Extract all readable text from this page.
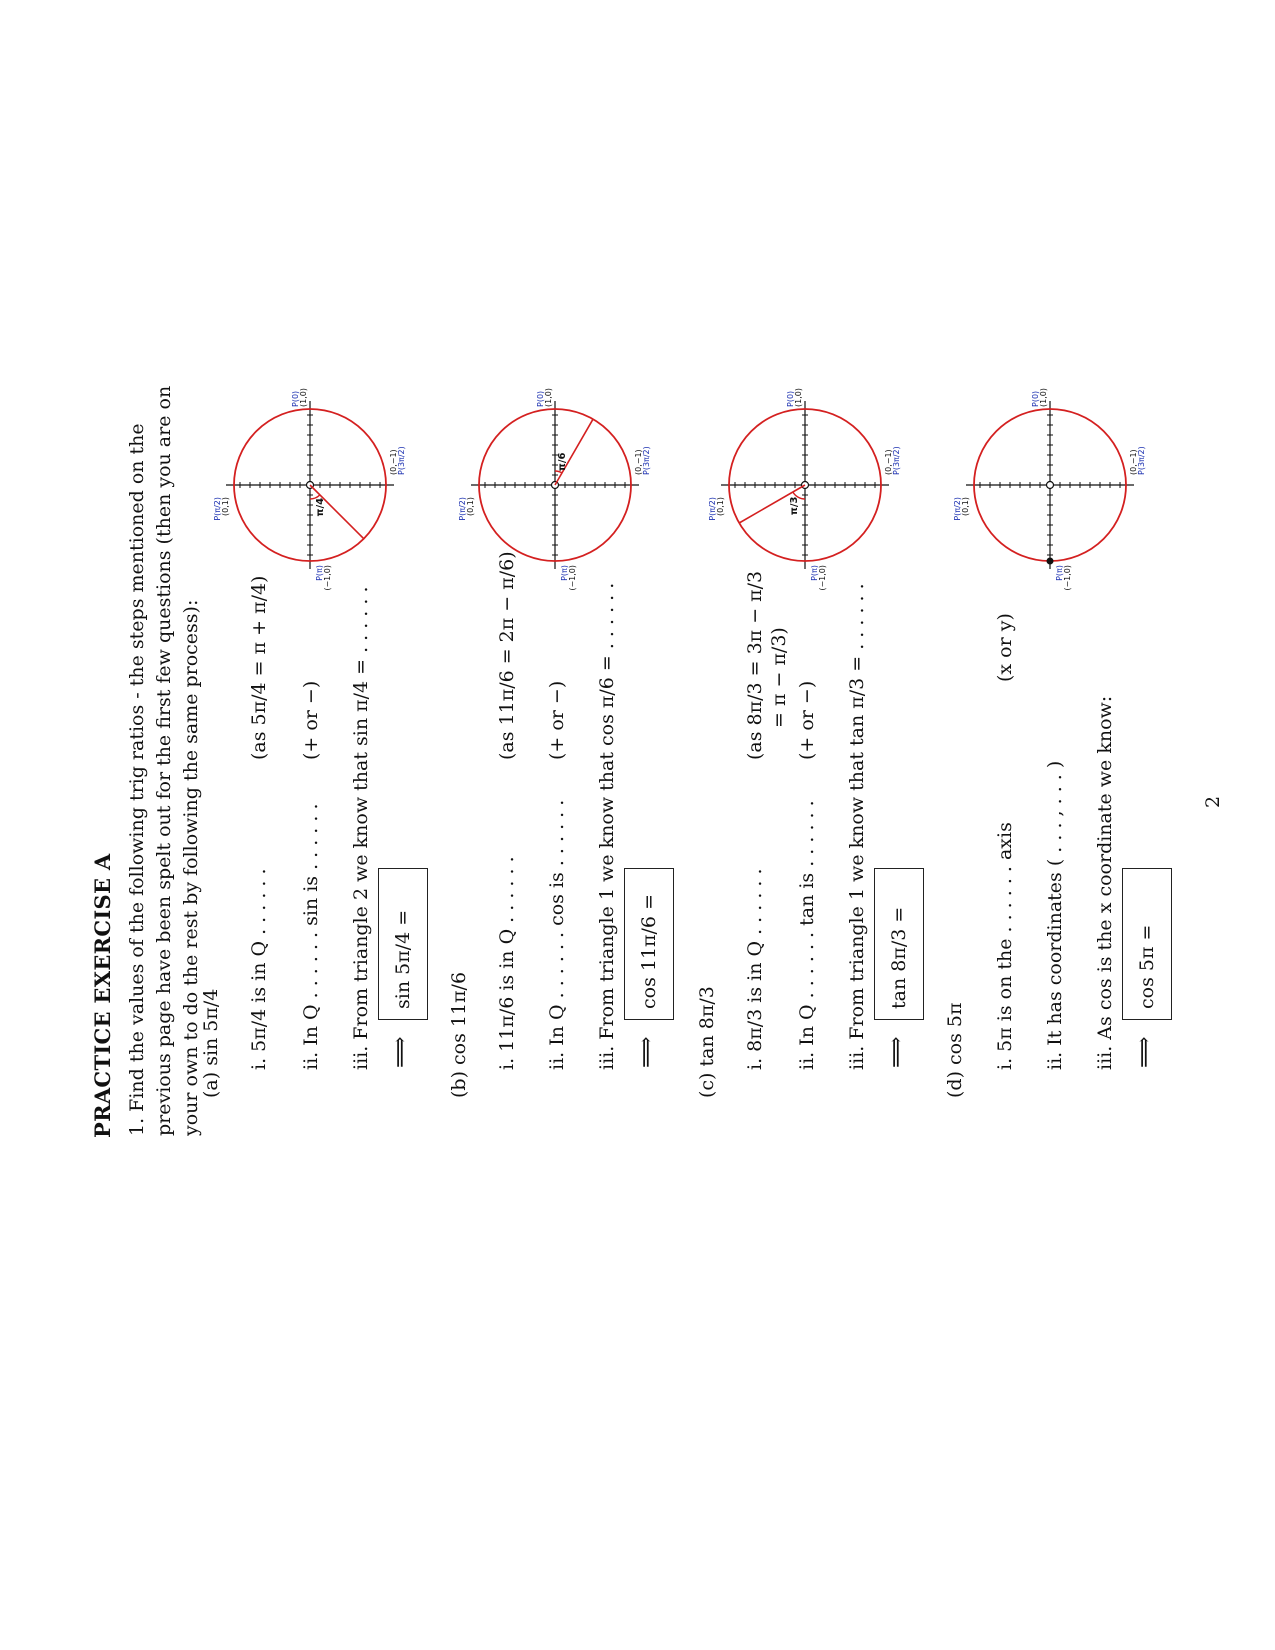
PRACTICE EXERCISE A 1. Find the values of the following trig ratios - the steps mentioned on the previous page have been spelt out for the first few questions (then you are on your own to do the rest by following the same process):
(a) sin 5π/4 i. 5π/4 is in Q . . . . . .
(as 5π/4 = π + π/4)
ii. In Q . . . . . . sin is . . . . . .
(+ or −) iii. From triangle 2 we know that sin π/4 = . . . . . . ⟹
sin 5π/4 =
(b) cos 11π/6 i. 11π/6 is in Q . . . . . .
(as 11π/6 = 2π − π/6)
ii. In Q . . . . . . cos is . . . . . .
(+ or −) iii. From triangle 1 we know that cos π/6 = . . . . . . ⟹
cos 11π/6 =
(c) tan 8π/3 i. 8π/3 is in Q . . . . . .
(as 8π/3 = 3π − π/3 = π − π/3)
ii. In Q . . . . . . tan is . . . . . .
(+ or −) iii. From triangle 1 we know that tan π/3 = . . . . . . ⟹
tan 8π/3 =
(d) cos 5π i. 5π is on the . . . . . . axis
(x or y)
ii. It has coordinates ( . . . , . . . ) iii. As cos is the x coordinate we know: ⟹
cos 5π =
π/4
P(π/2) (0,1)
P(0) (1,0)
P(π) (−1,0)
(0,−1) P(3π/2)	π/6
P(π/2) (0,1)
P(0) (1,0)
P(π) (−1,0)
(0,−1) P(3π/2)
π/3
P(π/2) (0,1)
P(0) (1,0)
P(π) (−1,0)
(0,−1) P(3π/2)
P(π/2) (0,1)
P(0) (1,0)
P(π) (−1,0)
(0,−1) P(3π/2)
2
